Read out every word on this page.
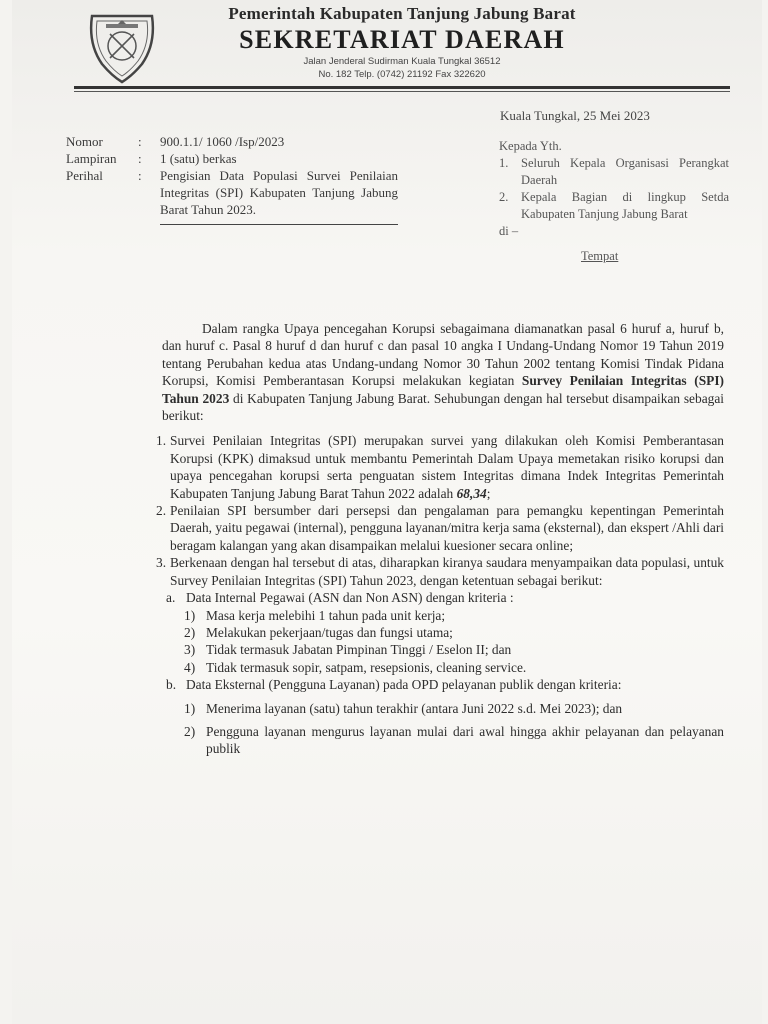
Pemerintah Kabupaten Tanjung Jabung Barat
SEKRETARIAT DAERAH
Jalan Jenderal Sudirman Kuala Tungkal 36512
No. 182 Telp. (0742) 21192 Fax 322620
Kuala Tungkal, 25 Mei 2023
Nomor	:	900.1.1/ 1060 /Isp/2023
Lampiran	:	1 (satu) berkas
Perihal	:	Pengisian Data Populasi Survei Penilaian Integritas (SPI) Kabupaten Tanjung Jabung Barat Tahun 2023.
Kepada Yth.
1.	Seluruh Kepala Organisasi Perangkat Daerah
2.	Kepala Bagian di lingkup Setda Kabupaten Tanjung Jabung Barat
di –
Tempat

Dalam rangka Upaya pencegahan Korupsi sebagaimana diamanatkan pasal 6 huruf a, huruf b, dan huruf c. Pasal 8 huruf d dan huruf c dan pasal 10 angka I Undang-Undang Nomor 19 Tahun 2019 tentang Perubahan kedua atas Undang-undang Nomor 30 Tahun 2002 tentang Komisi Tindak Pidana Korupsi, Komisi Pemberantasan Korupsi melakukan kegiatan Survey Penilaian Integritas (SPI) Tahun 2023 di Kabupaten Tanjung Jabung Barat. Sehubungan dengan hal tersebut disampaikan sebagai berikut:

1. Survei Penilaian Integritas (SPI) merupakan survei yang dilakukan oleh Komisi Pemberantasan Korupsi (KPK) dimaksud untuk membantu Pemerintah Dalam Upaya memetakan risiko korupsi dan upaya pencegahan korupsi serta penguatan sistem Integritas dimana Indek Integritas Pemerintah Kabupaten Tanjung Jabung Barat Tahun 2022 adalah 68,34;
2. Penilaian SPI bersumber dari persepsi dan pengalaman para pemangku kepentingan Pemerintah Daerah, yaitu pegawai (internal), pengguna layanan/mitra kerja sama (eksternal), dan ekspert /Ahli dari beragam kalangan yang akan disampaikan melalui kuesioner secara online;
3. Berkenaan dengan hal tersebut di atas, diharapkan kiranya saudara menyampaikan data populasi, untuk Survey Penilaian Integritas (SPI) Tahun 2023, dengan ketentuan sebagai berikut:
a. Data Internal Pegawai (ASN dan Non ASN) dengan kriteria :
1) Masa kerja melebihi 1 tahun pada unit kerja;
2) Melakukan pekerjaan/tugas dan fungsi utama;
3) Tidak termasuk Jabatan Pimpinan Tinggi / Eselon II; dan
4) Tidak termasuk sopir, satpam, resepsionis, cleaning service.
b. Data Eksternal (Pengguna Layanan) pada OPD pelayanan publik dengan kriteria:
1) Menerima layanan (satu) tahun terakhir (antara Juni 2022 s.d. Mei 2023); dan
2) Pengguna layanan mengurus layanan mulai dari awal hingga akhir pelayanan dan pelayanan publik
